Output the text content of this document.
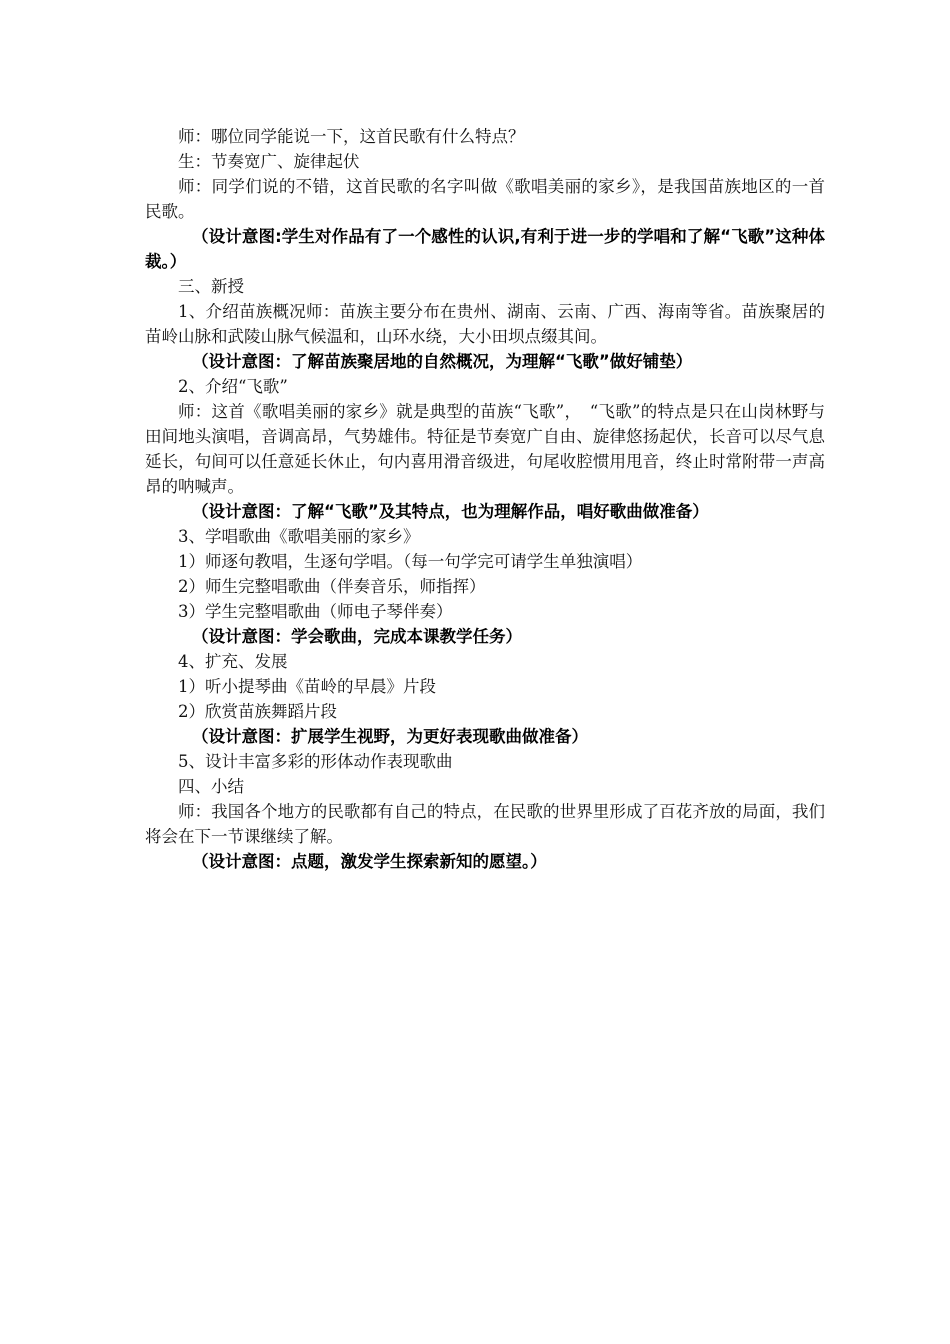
师：哪位同学能说一下，这首民歌有什么特点？

生：节奏宽广、旋律起伏

师：同学们说的不错，这首民歌的名字叫做《歌唱美丽的家乡》，是我国苗族地区的一首民歌。

（设计意图:学生对作品有了一个感性的认识,有利于进一步的学唱和了解“飞歌”这种体裁。）

三、新授

1、介绍苗族概况师：苗族主要分布在贵州、湖南、云南、广西、海南等省。苗族聚居的苗岭山脉和武陵山脉气候温和，山环水绕，大小田坝点缀其间。

（设计意图：了解苗族聚居地的自然概况，为理解“飞歌”做好铺垫）

2、介绍“飞歌”

师：这首《歌唱美丽的家乡》就是典型的苗族“飞歌”，　“飞歌”的特点是只在山岗林野与田间地头演唱，音调高昂，气势雄伟。特征是节奏宽广自由、旋律悠扬起伏，长音可以尽气息延长，句间可以任意延长休止，句内喜用滑音级进，句尾收腔惯用甩音，终止时常附带一声高昂的呐喊声。

（设计意图：了解“飞歌”及其特点，也为理解作品，唱好歌曲做准备）

3、学唱歌曲《歌唱美丽的家乡》

1）师逐句教唱，生逐句学唱。（每一句学完可请学生单独演唱）

2）师生完整唱歌曲（伴奏音乐，师指挥）

3）学生完整唱歌曲（师电子琴伴奏）

（设计意图：学会歌曲，完成本课教学任务）

4、扩充、发展

1）听小提琴曲《苗岭的早晨》片段

2）欣赏苗族舞蹈片段

（设计意图：扩展学生视野，为更好表现歌曲做准备）

5、设计丰富多彩的形体动作表现歌曲

四、小结

师：我国各个地方的民歌都有自己的特点，在民歌的世界里形成了百花齐放的局面，我们将会在下一节课继续了解。

（设计意图：点题，激发学生探索新知的愿望。）
